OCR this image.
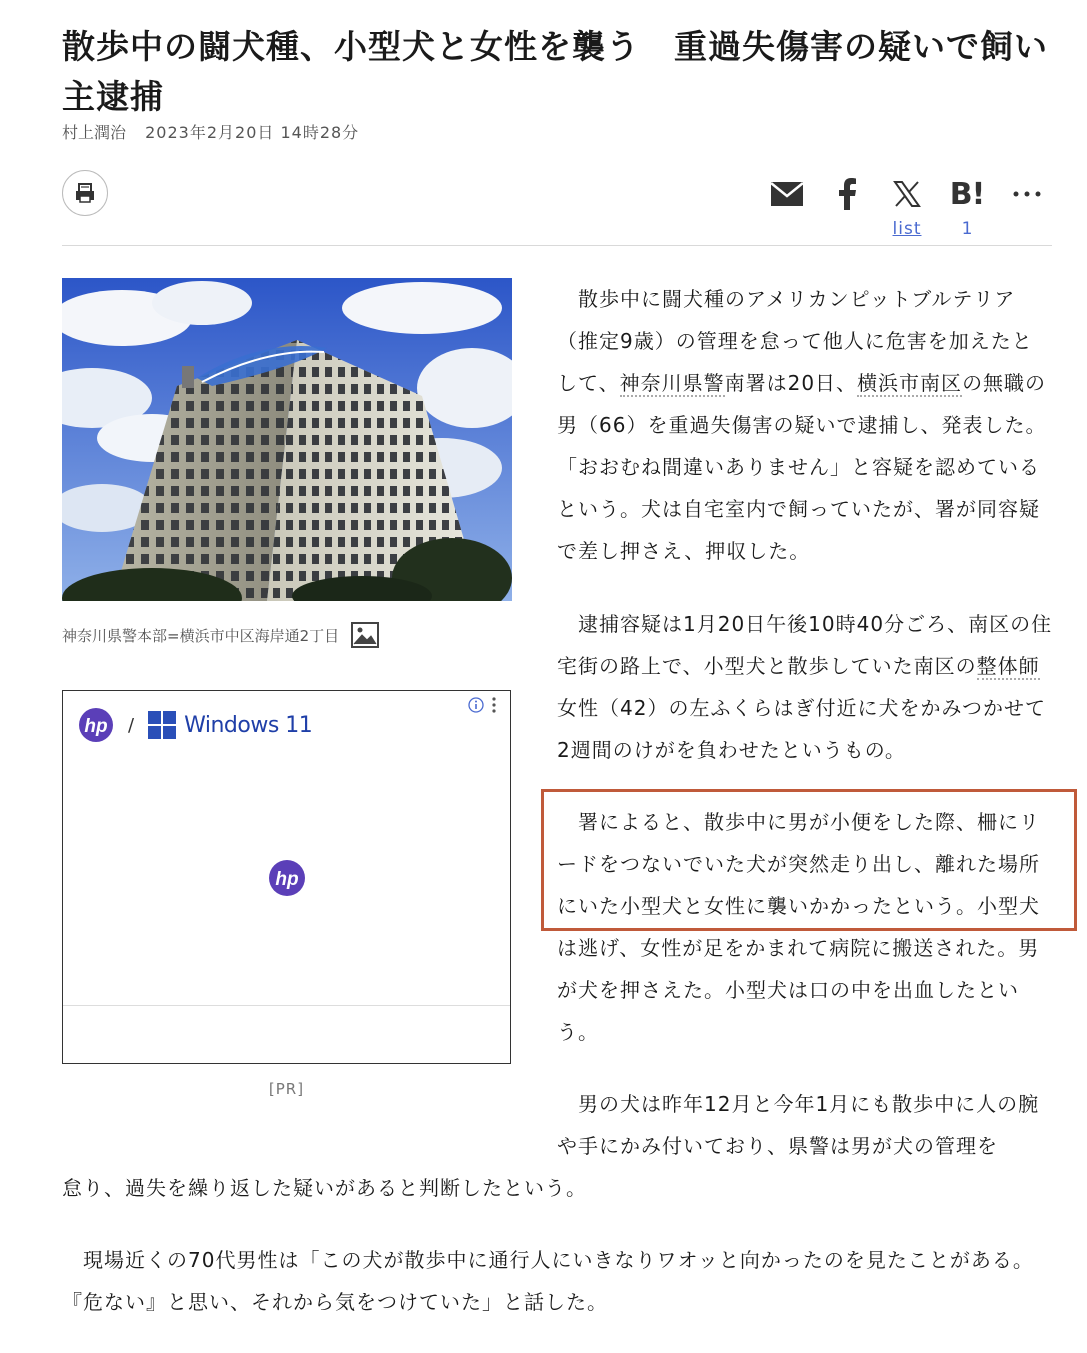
散歩中の闘犬種、小型犬と女性を襲う　重過失傷害の疑いで飼い主逮捕
村上潤治 2023年2月20日 14時28分
B!
list	1
神奈川県警本部=横浜市中区海岸通2丁目
hp / Windows 11
hp
[PR]

散歩中に闘犬種のアメリカンピットブルテリア（推定9歳）の管理を怠って他人に危害を加えたとして、神奈川県警南署は20日、横浜市南区の無職の男（66）を重過失傷害の疑いで逮捕し、発表した。「おおむね間違いありません」と容疑を認めているという。犬は自宅室内で飼っていたが、署が同容疑で差し押さえ、押収した。

逮捕容疑は1月20日午後10時40分ごろ、南区の住宅街の路上で、小型犬と散歩していた南区の整体師女性（42）の左ふくらはぎ付近に犬をかみつかせて2週間のけがを負わせたというもの。

署によると、散歩中に男が小便をした際、柵にリードをつないでいた犬が突然走り出し、離れた場所にいた小型犬と女性に襲いかかったという。小型犬は逃げ、女性が足をかまれて病院に搬送された。男が犬を押さえた。小型犬は口の中を出血したという。

男の犬は昨年12月と今年1月にも散歩中に人の腕や手にかみ付いており、県警は男が犬の管理を

怠り、過失を繰り返した疑いがあると判断したという。

現場近くの70代男性は「この犬が散歩中に通行人にいきなりワオッと向かったのを見たことがある。『危ない』と思い、それから気をつけていた」と話した。
